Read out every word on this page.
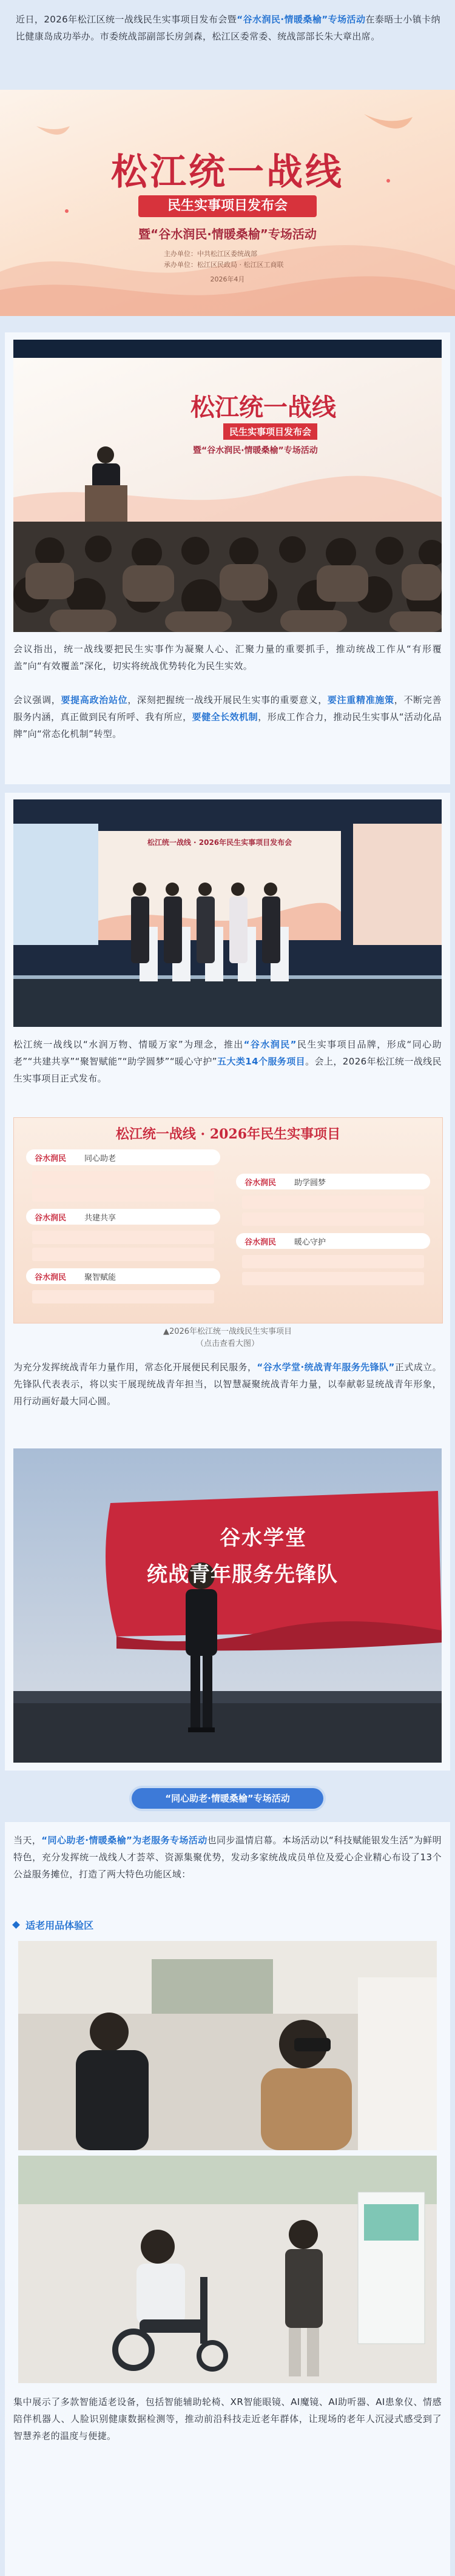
近日，2026年松江区统一战线民生实事项目发布会暨“谷水润民·情暖桑榆”专场活动在泰晤士小镇卡纳比健康岛成功举办。市委统战部副部长房剑森，松江区委常委、统战部部长朱大章出席。
松江统一战线
民生实事项目发布会
暨“谷水润民·情暖桑榆”专场活动
主办单位：中共松江区委统战部
承办单位：松江区民政局 · 松江区工商联
2026年4月
松江统一战线
民生实事项目发布会
暨“谷水润民·情暖桑榆”专场活动
会议指出，统一战线要把民生实事作为凝聚人心、汇聚力量的重要抓手，推动统战工作从“有形覆盖”向“有效覆盖”深化，切实将统战优势转化为民生实效。
会议强调，要提高政治站位，深刻把握统一战线开展民生实事的重要意义，要注重精准施策，不断完善服务内涵，真正做到民有所呼、我有所应，要健全长效机制，形成工作合力，推动民生实事从“活动化品牌”向“常态化机制”转型。
松江统一战线 · 2026年民生实事项目发布会
松江统一战线以“水润万物、情暖万家”为理念，推出“谷水润民”民生实事项目品牌，形成“同心助老”“共建共享”“聚智赋能”“助学圆梦”“暖心守护”五大类14个服务项目。会上，2026年松江统一战线民生实事项目正式发布。
松江统一战线 · 2026年民生实事项目
谷水润民 同心助老
谷水润民 共建共享
谷水润民 聚智赋能
谷水润民 助学圆梦
谷水润民 暖心守护
▲2026年松江统一战线民生实事项目
（点击查看大图）
为充分发挥统战青年力量作用，常态化开展便民利民服务，“谷水学堂·统战青年服务先锋队”正式成立。先锋队代表表示，将以实干展现统战青年担当，以智慧凝聚统战青年力量，以奉献彰显统战青年形象，用行动画好最大同心圆。
谷水学堂
统战青年服务先锋队
“同心助老·情暖桑榆”专场活动
当天，“同心助老·情暖桑榆”为老服务专场活动也同步温情启幕。本场活动以“科技赋能银发生活”为鲜明特色，充分发挥统一战线人才荟萃、资源集聚优势，发动多家统战成员单位及爱心企业精心布设了13个公益服务摊位，打造了两大特色功能区域：
适老用品体验区
集中展示了多款智能适老设备，包括智能辅助轮椅、XR智能眼镜、AI魔镜、AI助听器、AI患象仪、情感陪伴机器人、人脸识别健康数据检测等，推动前沿科技走近老年群体，让现场的老年人沉浸式感受到了智慧养老的温度与便捷。
